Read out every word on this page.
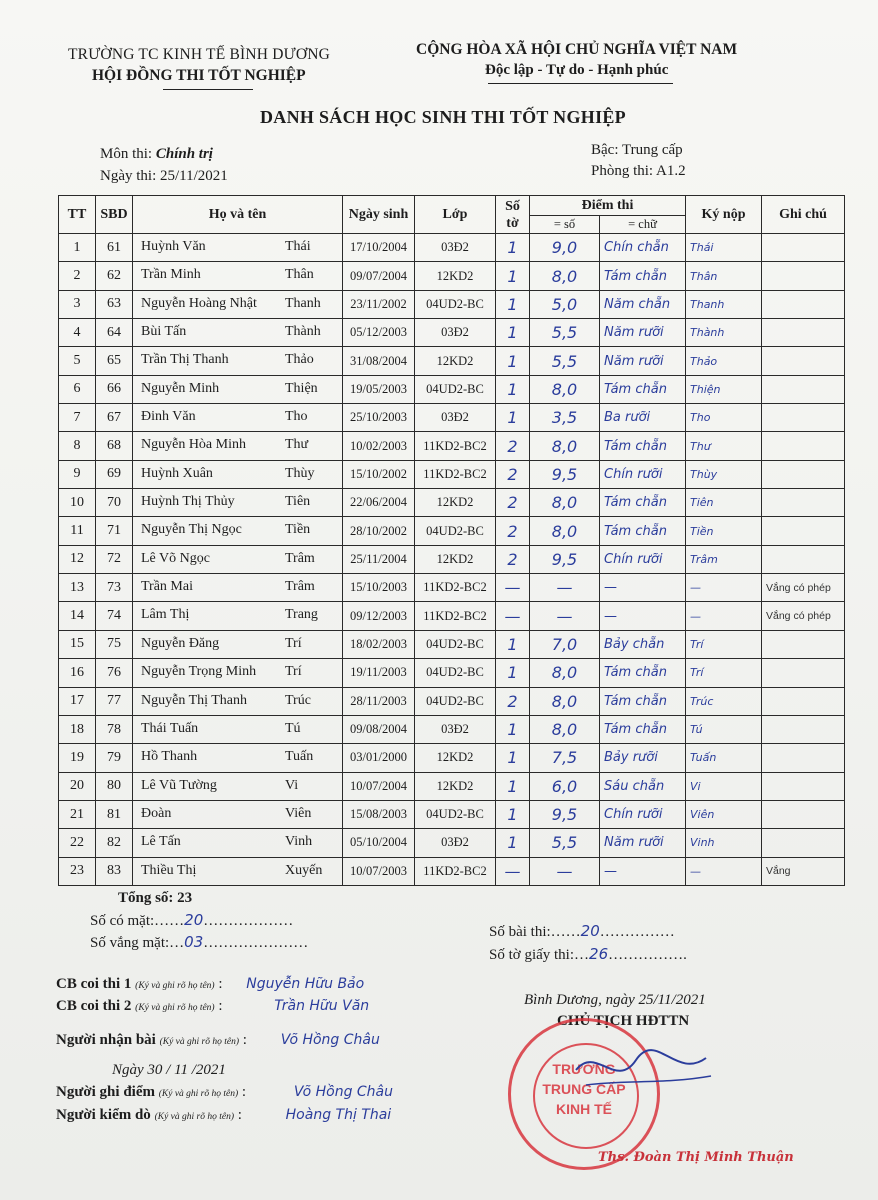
TRƯỜNG TC KINH TẾ BÌNH DƯƠNG
HỘI ĐỒNG THI TỐT NGHIỆP
CỘNG HÒA XÃ HỘI CHỦ NGHĨA VIỆT NAM
Độc lập - Tự do - Hạnh phúc
DANH SÁCH HỌC SINH THI TỐT NGHIỆP
Môn thi: Chính trị
Ngày thi: 25/11/2021
Bậc: Trung cấp
Phòng thi: A1.2
TT	SBD	Họ và tên	Ngày sinh	Lớp	Số tờ	Điểm thi		Ký nộp	Ghi chú
						= số	= chữ		
1	61	Huỳnh Văn Thái	17/10/2004	03Đ2	1	9,0	Chín chẵn	Thái	
2	62	Trần Minh Thân	09/07/2004	12KD2	1	8,0	Tám chẵn	Thân	
3	63	Nguyễn Hoàng Nhật Thanh	23/11/2002	04UD2-BC	1	5,0	Năm chẵn	Thanh	
4	64	Bùi Tấn Thành	05/12/2003	03Đ2	1	5,5	Năm rưỡi	Thành	
5	65	Trần Thị Thanh Thảo	31/08/2004	12KD2	1	5,5	Năm rưỡi	Thảo	
6	66	Nguyễn Minh Thiện	19/05/2003	04UD2-BC	1	8,0	Tám chẵn	Thiện	
7	67	Đinh Văn Tho	25/10/2003	03Đ2	1	3,5	Ba rưỡi	Tho	
8	68	Nguyễn Hòa Minh Thư	10/02/2003	11KD2-BC2	2	8,0	Tám chẵn	Thư	
9	69	Huỳnh Xuân Thùy	15/10/2002	11KD2-BC2	2	9,5	Chín rưỡi	Thùy	
10	70	Huỳnh Thị Thủy Tiên	22/06/2004	12KD2	2	8,0	Tám chẵn	Tiên	
11	71	Nguyễn Thị Ngọc Tiền	28/10/2002	04UD2-BC	2	8,0	Tám chẵn	Tiền	
12	72	Lê Võ Ngọc Trâm	25/11/2004	12KD2	2	9,5	Chín rưỡi	Trâm	
13	73	Trần Mai Trâm	15/10/2003	11KD2-BC2	—	—	—	—	Vắng có phép
14	74	Lâm Thị Trang	09/12/2003	11KD2-BC2	—	—	—	—	Vắng có phép
15	75	Nguyễn Đăng Trí	18/02/2003	04UD2-BC	1	7,0	Bảy chẵn	Trí	
16	76	Nguyễn Trọng Minh Trí	19/11/2003	04UD2-BC	1	8,0	Tám chẵn	Trí	
17	77	Nguyễn Thị Thanh Trúc	28/11/2003	04UD2-BC	2	8,0	Tám chẵn	Trúc	
18	78	Thái Tuấn Tú	09/08/2004	03Đ2	1	8,0	Tám chẵn	Tú	
19	79	Hồ Thanh Tuấn	03/01/2000	12KD2	1	7,5	Bảy rưỡi	Tuấn	
20	80	Lê Vũ Tường Vi	10/07/2004	12KD2	1	6,0	Sáu chẵn	Vi	
21	81	Đoàn Viên	15/08/2003	04UD2-BC	1	9,5	Chín rưỡi	Viên	
22	82	Lê Tấn Vinh	05/10/2004	03Đ2	1	5,5	Năm rưỡi	Vinh	
23	83	Thiều Thị Xuyến	10/07/2003	11KD2-BC2	—	—	—	—	Vắng
Tổng số: 23
Số có mặt:……20………………
Số vắng mặt:…03…………………
Số bài thi:……20……………
Số tờ giấy thi:…26…………….
CB coi thi 1 (Ký và ghi rõ họ tên) : Nguyễn Hữu Bảo
CB coi thi 2 (Ký và ghi rõ họ tên) :	Trần Hữu Văn
Người nhận bài (Ký và ghi rõ họ tên) : Võ Hồng Châu
Ngày 30 / 11 /2021
Người ghi điểm (Ký và ghi rõ họ tên) :	Võ Hồng Châu
Người kiểm dò (Ký và ghi rõ họ tên) :	Hoàng Thị Thai
Bình Dương, ngày 25/11/2021
CHỦ TỊCH HĐTTN
TRƯỜNG
TRUNG CẤP
KINH TẾ
Ths. Đoàn Thị Minh Thuận
